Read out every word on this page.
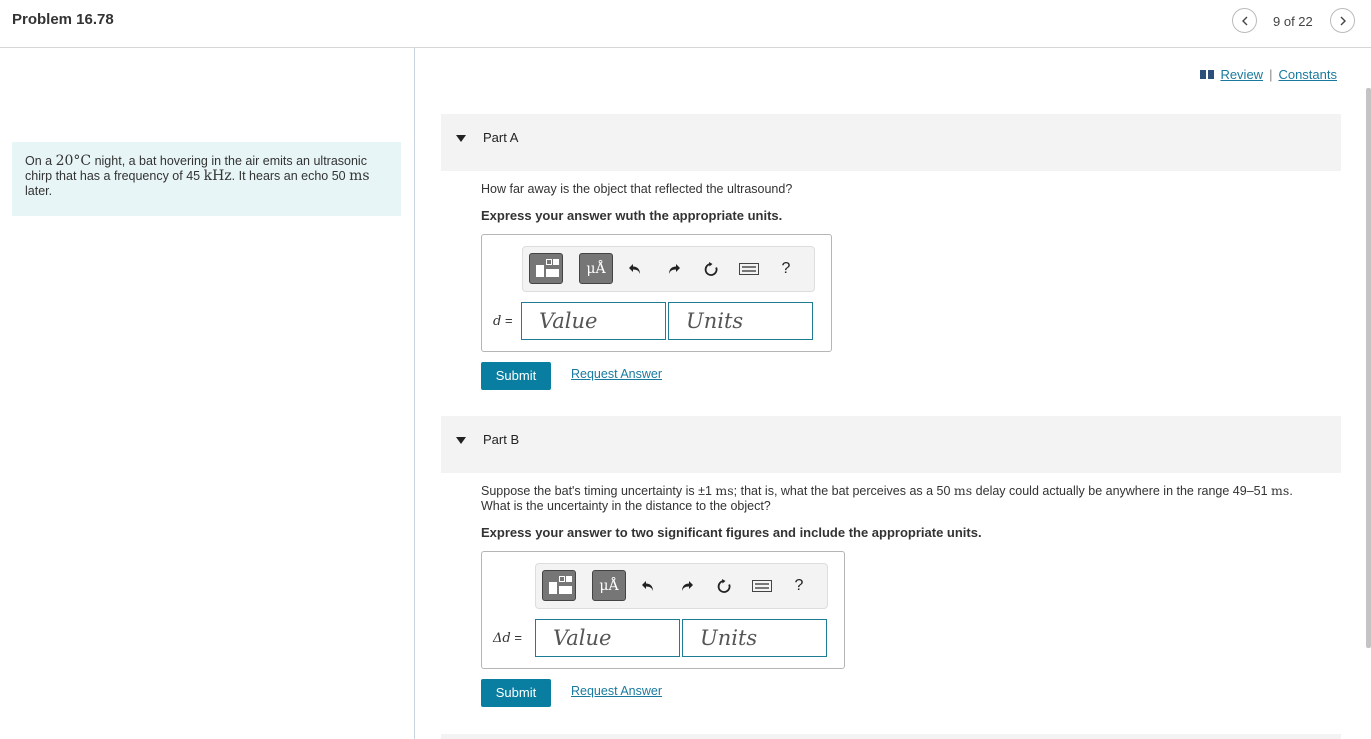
Problem 16.78	9 of 22
On a 20°C night, a bat hovering in the air emits an ultrasonic chirp that has a frequency of 45 kHz. It hears an echo 50 ms later.
Review | Constants
Part A
How far away is the object that reflected the ultrasound?
Express your answer wuth the appropriate units.
μÅ	?
d =	Value	Units
Submit	Request Answer
Part B
Suppose the bat's timing uncertainty is ±1 ms; that is, what the bat perceives as a 50 ms delay could actually be anywhere in the range 49–51 ms.
What is the uncertainty in the distance to the object?
Express your answer to two significant figures and include the appropriate units.
μÅ	?
Δd =	Value	Units
Submit	Request Answer
